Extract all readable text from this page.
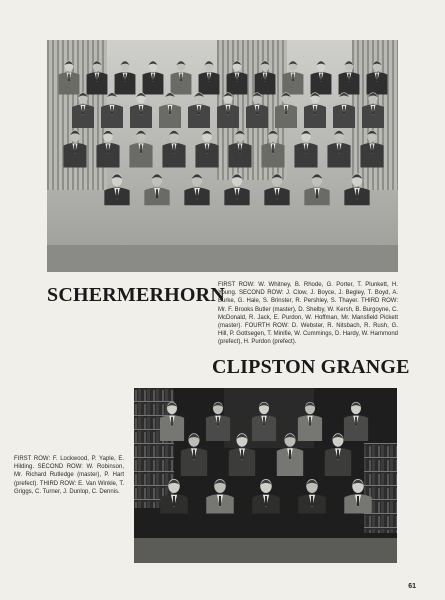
SCHERMERHORN

FIRST ROW: W. Whitney, B. Rhode, G. Porter, T. Plunkett, H. Young. SECOND ROW: J. Clow, J. Boyce, J. Begley, T. Boyd, A. Burke, G. Hale, S. Brinster, R. Pershley, S. Thayer. THIRD ROW: Mr. F. Brooks Butler (master), D. Shelby, W. Kersh, B. Burgoyne, C. McDonald, R. Jack, E. Purdon, W. Hoffman, Mr. Mansfield Pickett (master). FOURTH ROW: D. Webster, R. Nitsbach, R. Rush, G. Hill, P. Gottsegen, T. Minifie, W. Cummings, D. Hardy, W. Hammond (prefect), H. Purdon (prefect).

CLIPSTON GRANGE

FIRST ROW: F. Lockwood, P. Yaple, E. Hilding. SECOND ROW: W. Robinson, Mr. Richard Rutledge (master), P. Hart (prefect). THIRD ROW: E. Van Winkle, T. Griggs, C. Turner, J. Dunlop, C. Dennis.

61
